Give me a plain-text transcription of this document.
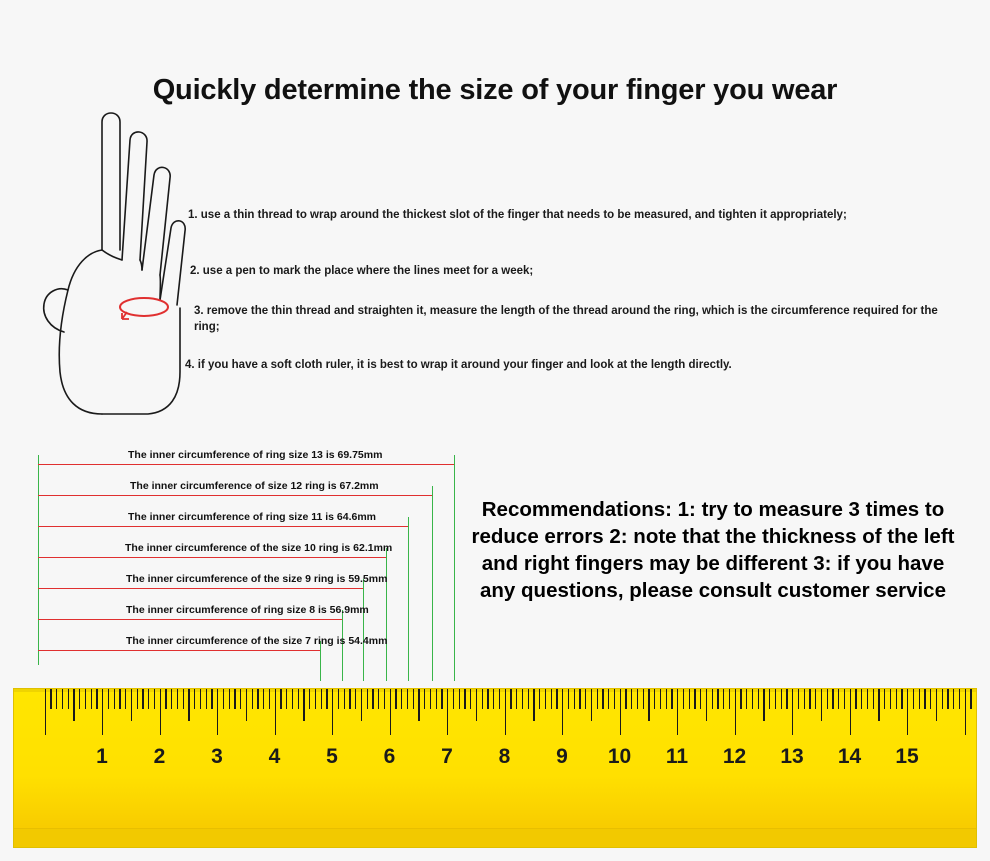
Quickly determine the size of your finger you wear
1. use a thin thread to wrap around the thickest slot of the finger that needs to be measured, and tighten it appropriately;
2. use a pen to mark the place where the lines meet for a week;
3. remove the thin thread and straighten it, measure the length of the thread around the ring, which is the circumference required for the ring;
4. if you have a soft cloth ruler, it is best to wrap it around your finger and look at the length directly.
The inner circumference of ring size 13 is 69.75mm
The inner circumference of size 12 ring is 67.2mm
The inner circumference of ring size 11 is 64.6mm
The inner circumference of the size 10 ring is 62.1mm
The inner circumference of the size 9 ring is 59.5mm
The inner circumference of ring size 8 is 56.9mm
The inner circumference of the size 7 ring is 54.4mm
Recommendations: 1: try to measure 3 times to reduce errors 2: note that the thickness of the left and right fingers may be different 3: if you have any questions, please consult customer service
1 2 3 4 5 6 7 8 9 10 11 12 13 14 15
